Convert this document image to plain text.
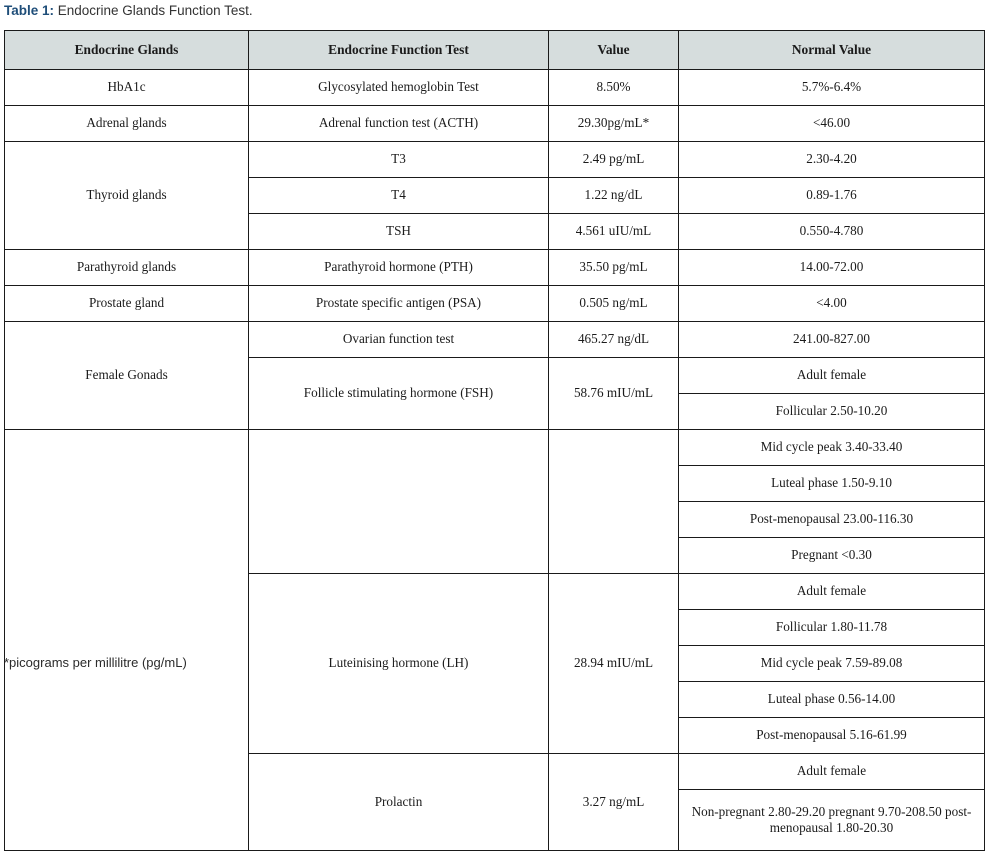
Table 1: Endocrine Glands Function Test.
Endocrine Glands	Endocrine Function Test	Value	Normal Value
HbA1c	Glycosylated hemoglobin Test	8.50%	5.7%-6.4%
Adrenal glands	Adrenal function test (ACTH)	29.30pg/mL*	<46.00
Thyroid glands	T3	2.49 pg/mL	2.30-4.20
	T4	1.22 ng/dL	0.89-1.76
	TSH	4.561 uIU/mL	0.550-4.780
Parathyroid glands	Parathyroid hormone (PTH)	35.50 pg/mL	14.00-72.00
Prostate gland	Prostate specific antigen (PSA)	0.505 ng/mL	<4.00
Female Gonads	Ovarian function test	465.27 ng/dL	241.00-827.00
	Follicle stimulating hormone (FSH)	58.76 mIU/mL	Adult female
			Follicular 2.50-10.20
			Mid cycle peak 3.40-33.40
			Luteal phase 1.50-9.10
			Post-menopausal 23.00-116.30
			Pregnant <0.30
	Luteinising hormone (LH)	28.94 mIU/mL	Adult female
			Follicular 1.80-11.78
			Mid cycle peak 7.59-89.08
			Luteal phase 0.56-14.00
			Post-menopausal 5.16-61.99
	Prolactin	3.27 ng/mL	Adult female
			Non-pregnant 2.80-29.20 pregnant 9.70-208.50 post-menopausal 1.80-20.30
*picograms per millilitre (pg/mL)
